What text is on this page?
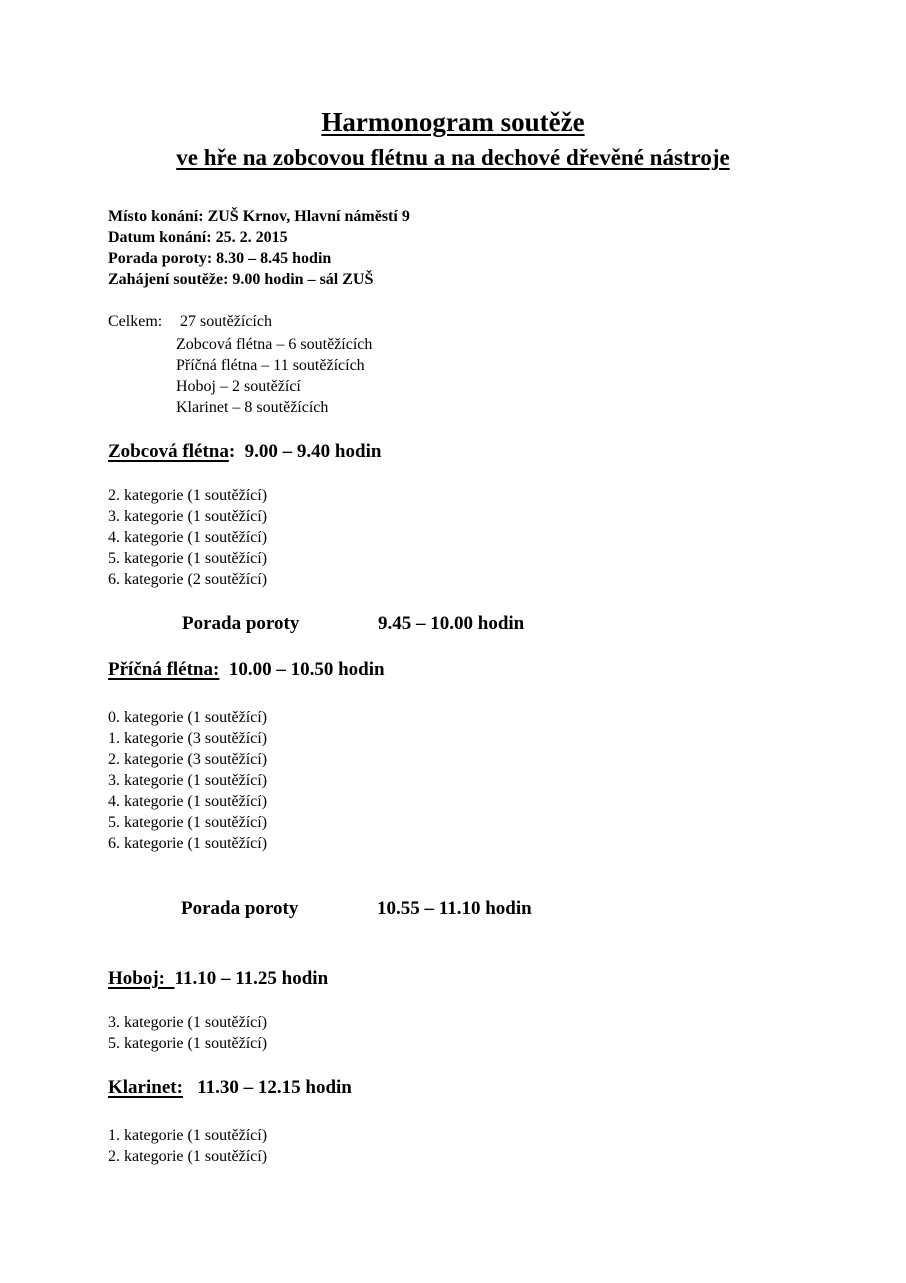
Harmonogram soutěže
ve hře na zobcovou flétnu a na dechové dřevěné nástroje
Místo konání: ZUŠ Krnov, Hlavní náměstí 9
Datum konání: 25. 2. 2015
Porada poroty: 8.30 – 8.45 hodin
Zahájení soutěže: 9.00 hodin – sál ZUŠ
Celkem: 27 soutěžících
Zobcová flétna – 6 soutěžících
Příčná flétna – 11 soutěžících
Hoboj – 2 soutěžící
Klarinet – 8 soutěžících
Zobcová flétna:  9.00 – 9.40 hodin
2. kategorie (1 soutěžící)
3. kategorie (1 soutěžící)
4. kategorie (1 soutěžící)
5. kategorie (1 soutěžící)
6. kategorie (2 soutěžící)
Porada poroty	9.45 – 10.00 hodin
Příčná flétna:  10.00 – 10.50 hodin
0. kategorie (1 soutěžící)
1. kategorie (3 soutěžící)
2. kategorie (3 soutěžící)
3. kategorie (1 soutěžící)
4. kategorie (1 soutěžící)
5. kategorie (1 soutěžící)
6. kategorie (1 soutěžící)
Porada poroty	10.55 – 11.10 hodin
Hoboj:  11.10 – 11.25 hodin
3. kategorie (1 soutěžící)
5. kategorie (1 soutěžící)
Klarinet:   11.30 – 12.15 hodin
1. kategorie (1 soutěžící)
2. kategorie (1 soutěžící)
